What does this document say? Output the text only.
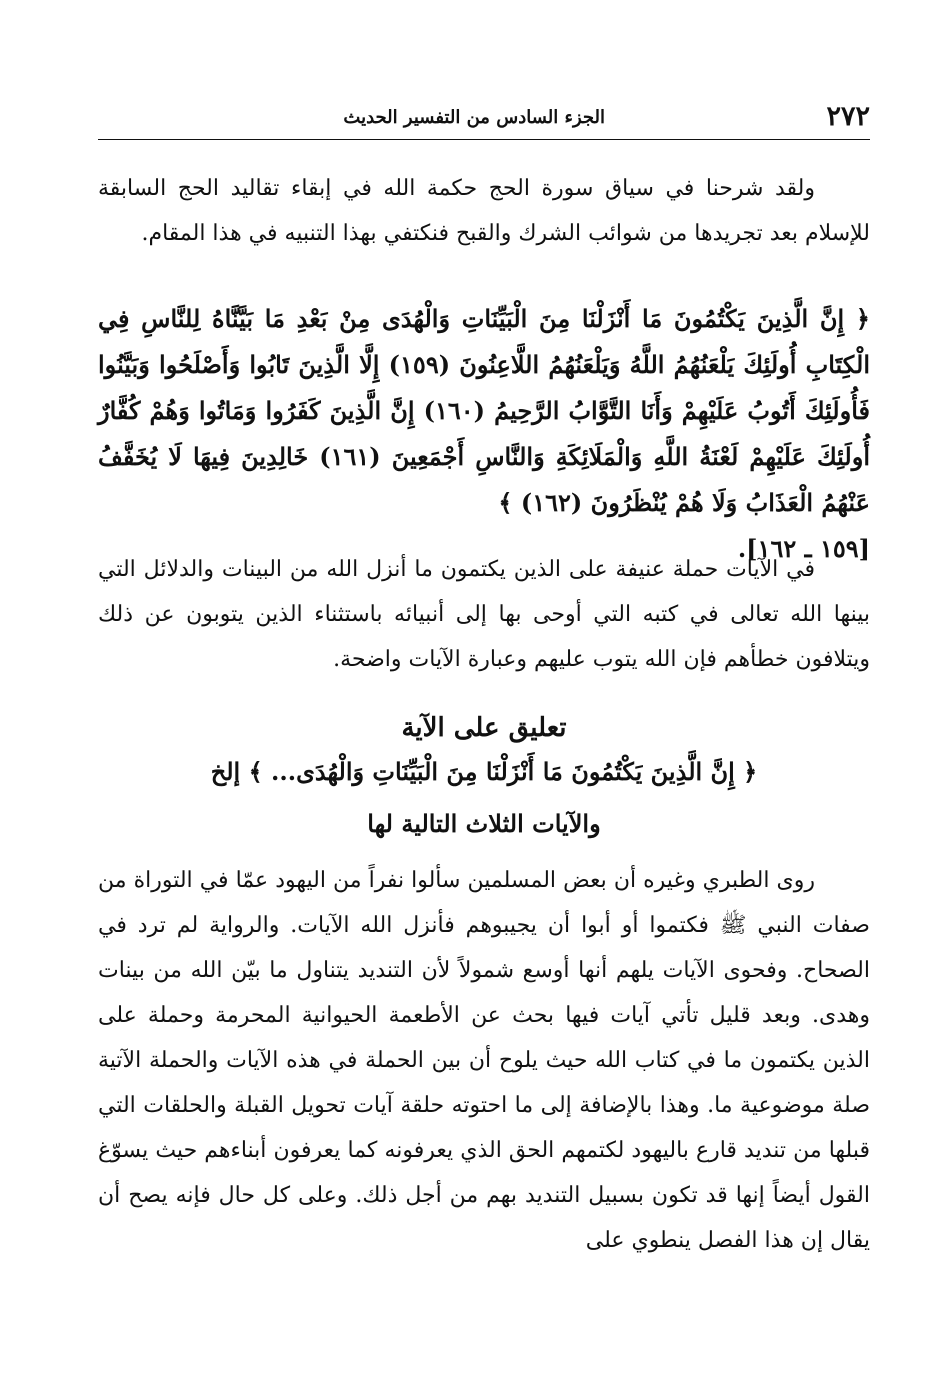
٢٧٢
الجزء السادس من التفسير الحديث

ولقد شرحنا في سياق سورة الحج حكمة الله في إبقاء تقاليد الحج السابقة للإسلام بعد تجريدها من شوائب الشرك والقبح فنكتفي بهذا التنبيه في هذا المقام.

﴿ إِنَّ الَّذِينَ يَكْتُمُونَ مَا أَنْزَلْنَا مِنَ الْبَيِّنَاتِ وَالْهُدَى مِنْ بَعْدِ مَا بَيَّنَّاهُ لِلنَّاسِ فِي الْكِتَابِ أُولَئِكَ يَلْعَنُهُمُ اللَّهُ وَيَلْعَنُهُمُ اللَّاعِنُونَ (١٥٩) إِلَّا الَّذِينَ تَابُوا وَأَصْلَحُوا وَبَيَّنُوا فَأُولَئِكَ أَتُوبُ عَلَيْهِمْ وَأَنَا التَّوَّابُ الرَّحِيمُ (١٦٠) إِنَّ الَّذِينَ كَفَرُوا وَمَاتُوا وَهُمْ كُفَّارٌ أُولَئِكَ عَلَيْهِمْ لَعْنَةُ اللَّهِ وَالْمَلَائِكَةِ وَالنَّاسِ أَجْمَعِينَ (١٦١) خَالِدِينَ فِيهَا لَا يُخَفَّفُ عَنْهُمُ الْعَذَابُ وَلَا هُمْ يُنْظَرُونَ (١٦٢) ﴾

[١٥٩ ـ ١٦٢].

في الآيات حملة عنيفة على الذين يكتمون ما أنزل الله من البينات والدلائل التي بينها الله تعالى في كتبه التي أوحى بها إلى أنبيائه باستثناء الذين يتوبون عن ذلك ويتلافون خطأهم فإن الله يتوب عليهم وعبارة الآيات واضحة.

تعليق على الآية
﴿ إِنَّ الَّذِينَ يَكْتُمُونَ مَا أَنْزَلْنَا مِنَ الْبَيِّنَاتِ وَالْهُدَى... ﴾ إلخ
والآيات الثلاث التالية لها

روى الطبري وغيره أن بعض المسلمين سألوا نفراً من اليهود عمّا في التوراة من صفات النبي ﷺ فكتموا أو أبوا أن يجيبوهم فأنزل الله الآيات. والرواية لم ترد في الصحاح. وفحوى الآيات يلهم أنها أوسع شمولاً لأن التنديد يتناول ما بيّن الله من بينات وهدى. وبعد قليل تأتي آيات فيها بحث عن الأطعمة الحيوانية المحرمة وحملة على الذين يكتمون ما في كتاب الله حيث يلوح أن بين الحملة في هذه الآيات والحملة الآتية صلة موضوعية ما. وهذا بالإضافة إلى ما احتوته حلقة آيات تحويل القبلة والحلقات التي قبلها من تنديد قارع باليهود لكتمهم الحق الذي يعرفونه كما يعرفون أبناءهم حيث يسوّغ القول أيضاً إنها قد تكون بسبيل التنديد بهم من أجل ذلك. وعلى كل حال فإنه يصح أن يقال إن هذا الفصل ينطوي على
